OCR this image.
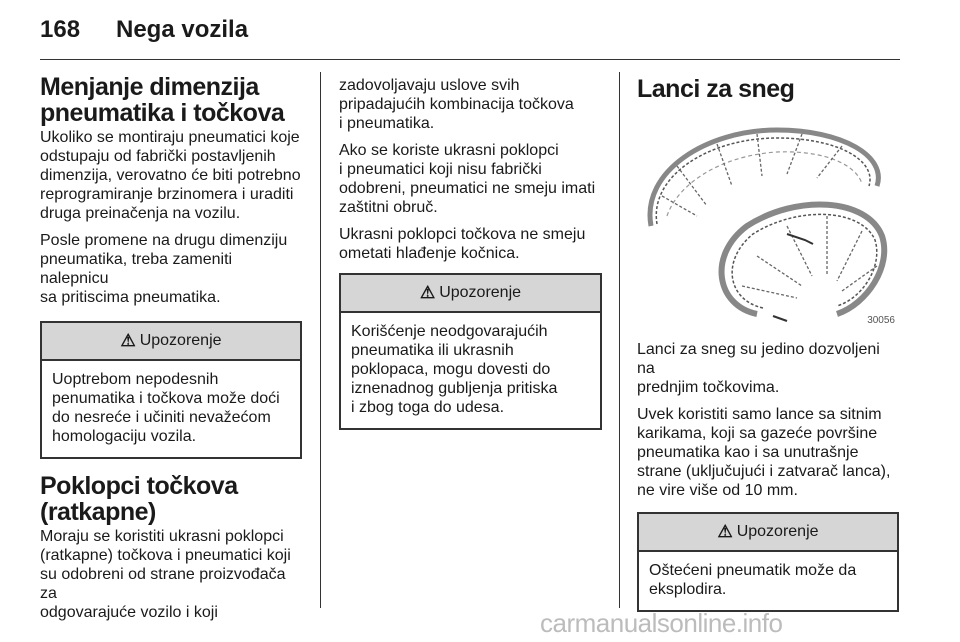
168 Nega vozila
Menjanje dimenzija
pneumatika i točkova

Ukoliko se montiraju pneumatici koje
odstupaju od fabrički postavljenih
dimenzija, verovatno će biti potrebno
reprogramiranje brzinomera i uraditi
druga preinačenja na vozilu.

Posle promene na drugu dimenziju
pneumatika, treba zameniti nalepnicu
sa pritiscima pneumatika.

⚠ Upozorenje
Uoptrebom nepodesnih
penumatika i točkova može doći
do nesreće i učiniti nevažećom
homologaciju vozila.
Poklopci točkova
(ratkapne)

Moraju se koristiti ukrasni poklopci
(ratkapne) točkova i pneumatici koji
su odobreni od strane proizvođača za
odgovarajuće vozilo i koji

zadovoljavaju uslove svih
pripadajućih kombinacija točkova
i pneumatika.

Ako se koriste ukrasni poklopci
i pneumatici koji nisu fabrički
odobreni, pneumatici ne smeju imati
zaštitni obruč.

Ukrasni poklopci točkova ne smeju
ometati hlađenje kočnica.

⚠ Upozorenje
Korišćenje neodgovarajućih
pneumatika ili ukrasnih
poklopaca, mogu dovesti do
iznenadnog gubljenja pritiska
i zbog toga do udesa.
Lanci za sneg
30056

Lanci za sneg su jedino dozvoljeni na
prednjim točkovima.

Uvek koristiti samo lance sa sitnim
karikama, koji sa gazeće površine
pneumatika kao i sa unutrašnje
strane (uključujući i zatvarač lanca),
ne vire više od 10 mm.

⚠ Upozorenje
Oštećeni pneumatik može da
eksplodira.
carmanualsonline.info
